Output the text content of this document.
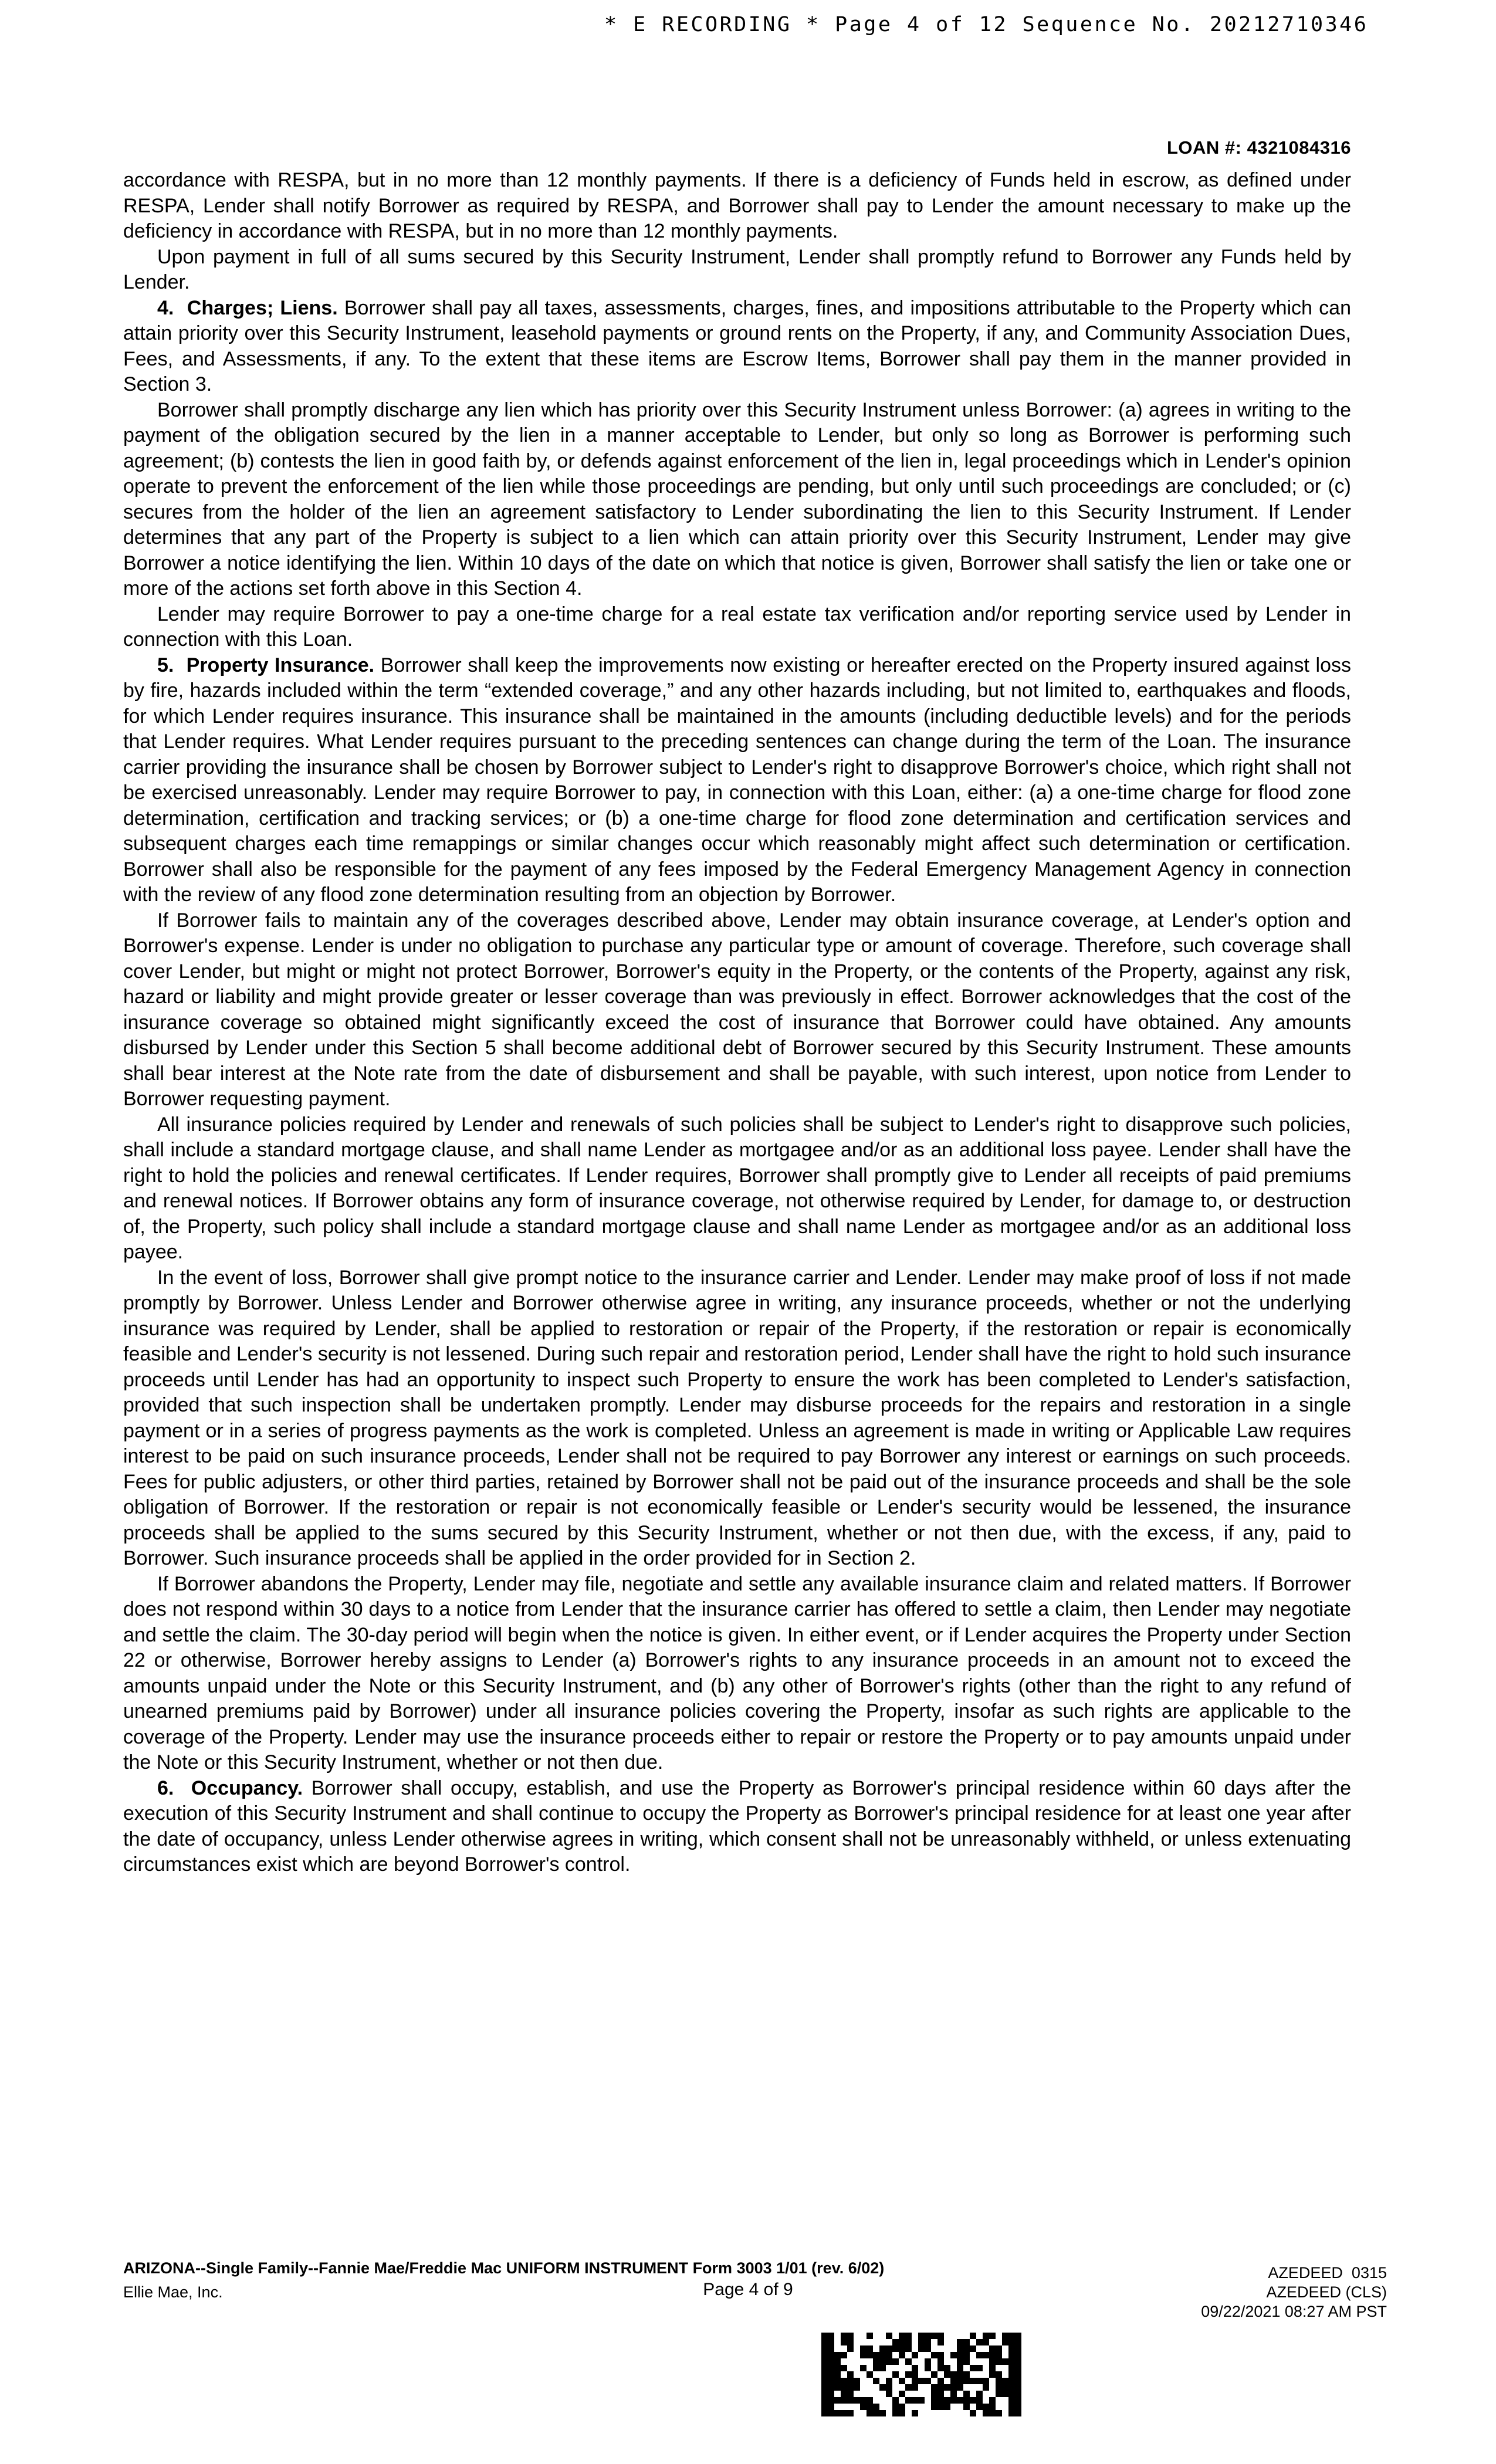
* E RECORDING * Page 4 of 12 Sequence No. 20212710346
LOAN #: 4321084316

accordance with RESPA, but in no more than 12 monthly payments. If there is a deficiency of Funds held in escrow, as defined under RESPA, Lender shall notify Borrower as required by RESPA, and Borrower shall pay to Lender the amount necessary to make up the deficiency in accordance with RESPA, but in no more than 12 monthly payments.

Upon payment in full of all sums secured by this Security Instrument, Lender shall promptly refund to Borrower any Funds held by Lender.

4.  Charges; Liens. Borrower shall pay all taxes, assessments, charges, fines, and impositions attributable to the Property which can attain priority over this Security Instrument, leasehold payments or ground rents on the Property, if any, and Community Association Dues, Fees, and Assessments, if any. To the extent that these items are Escrow Items, Borrower shall pay them in the manner provided in Section 3.

Borrower shall promptly discharge any lien which has priority over this Security Instrument unless Borrower: (a) agrees in writing to the payment of the obligation secured by the lien in a manner acceptable to Lender, but only so long as Borrower is performing such agreement; (b) contests the lien in good faith by, or defends against enforcement of the lien in, legal proceedings which in Lender's opinion operate to prevent the enforcement of the lien while those proceedings are pending, but only until such proceedings are concluded; or (c) secures from the holder of the lien an agreement satisfactory to Lender subordinating the lien to this Security Instrument. If Lender determines that any part of the Property is subject to a lien which can attain priority over this Security Instrument, Lender may give Borrower a notice identifying the lien. Within 10 days of the date on which that notice is given, Borrower shall satisfy the lien or take one or more of the actions set forth above in this Section 4.

Lender may require Borrower to pay a one-time charge for a real estate tax verification and/or reporting service used by Lender in connection with this Loan.

5.  Property Insurance. Borrower shall keep the improvements now existing or hereafter erected on the Property insured against loss by fire, hazards included within the term “extended coverage,” and any other hazards including, but not limited to, earthquakes and floods, for which Lender requires insurance. This insurance shall be maintained in the amounts (including deductible levels) and for the periods that Lender requires. What Lender requires pursuant to the preceding sentences can change during the term of the Loan. The insurance carrier providing the insurance shall be chosen by Borrower subject to Lender's right to disapprove Borrower's choice, which right shall not be exercised unreasonably. Lender may require Borrower to pay, in connection with this Loan, either: (a) a one-time charge for flood zone determination, certification and tracking services; or (b) a one-time charge for flood zone determination and certification services and subsequent charges each time remappings or similar changes occur which reasonably might affect such determination or certification. Borrower shall also be responsible for the payment of any fees imposed by the Federal Emergency Management Agency in connection with the review of any flood zone determination resulting from an objection by Borrower.

If Borrower fails to maintain any of the coverages described above, Lender may obtain insurance coverage, at Lender's option and Borrower's expense. Lender is under no obligation to purchase any particular type or amount of coverage. Therefore, such coverage shall cover Lender, but might or might not protect Borrower, Borrower's equity in the Property, or the contents of the Property, against any risk, hazard or liability and might provide greater or lesser coverage than was previously in effect. Borrower acknowledges that the cost of the insurance coverage so obtained might significantly exceed the cost of insurance that Borrower could have obtained. Any amounts disbursed by Lender under this Section 5 shall become additional debt of Borrower secured by this Security Instrument. These amounts shall bear interest at the Note rate from the date of disbursement and shall be payable, with such interest, upon notice from Lender to Borrower requesting payment.

All insurance policies required by Lender and renewals of such policies shall be subject to Lender's right to disapprove such policies, shall include a standard mortgage clause, and shall name Lender as mortgagee and/or as an additional loss payee. Lender shall have the right to hold the policies and renewal certificates. If Lender requires, Borrower shall promptly give to Lender all receipts of paid premiums and renewal notices. If Borrower obtains any form of insurance coverage, not otherwise required by Lender, for damage to, or destruction of, the Property, such policy shall include a standard mortgage clause and shall name Lender as mortgagee and/or as an additional loss payee.

In the event of loss, Borrower shall give prompt notice to the insurance carrier and Lender. Lender may make proof of loss if not made promptly by Borrower. Unless Lender and Borrower otherwise agree in writing, any insurance proceeds, whether or not the underlying insurance was required by Lender, shall be applied to restoration or repair of the Property, if the restoration or repair is economically feasible and Lender's security is not lessened. During such repair and restoration period, Lender shall have the right to hold such insurance proceeds until Lender has had an opportunity to inspect such Property to ensure the work has been completed to Lender's satisfaction, provided that such inspection shall be undertaken promptly. Lender may disburse proceeds for the repairs and restoration in a single payment or in a series of progress payments as the work is completed. Unless an agreement is made in writing or Applicable Law requires interest to be paid on such insurance proceeds, Lender shall not be required to pay Borrower any interest or earnings on such proceeds. Fees for public adjusters, or other third parties, retained by Borrower shall not be paid out of the insurance proceeds and shall be the sole obligation of Borrower. If the restoration or repair is not economically feasible or Lender's security would be lessened, the insurance proceeds shall be applied to the sums secured by this Security Instrument, whether or not then due, with the excess, if any, paid to Borrower. Such insurance proceeds shall be applied in the order provided for in Section 2.

If Borrower abandons the Property, Lender may file, negotiate and settle any available insurance claim and related matters. If Borrower does not respond within 30 days to a notice from Lender that the insurance carrier has offered to settle a claim, then Lender may negotiate and settle the claim. The 30-day period will begin when the notice is given. In either event, or if Lender acquires the Property under Section 22 or otherwise, Borrower hereby assigns to Lender (a) Borrower's rights to any insurance proceeds in an amount not to exceed the amounts unpaid under the Note or this Security Instrument, and (b) any other of Borrower's rights (other than the right to any refund of unearned premiums paid by Borrower) under all insurance policies covering the Property, insofar as such rights are applicable to the coverage of the Property. Lender may use the insurance proceeds either to repair or restore the Property or to pay amounts unpaid under the Note or this Security Instrument, whether or not then due.

6.  Occupancy. Borrower shall occupy, establish, and use the Property as Borrower's principal residence within 60 days after the execution of this Security Instrument and shall continue to occupy the Property as Borrower's principal residence for at least one year after the date of occupancy, unless Lender otherwise agrees in writing, which consent shall not be unreasonably withheld, or unless extenuating circumstances exist which are beyond Borrower's control.

ARIZONA--Single Family--Fannie Mae/Freddie Mac UNIFORM INSTRUMENT Form 3003 1/01 (rev. 6/02)
Ellie Mae, Inc.	Page 4 of 9
AZEDEED  0315
AZEDEED (CLS)
09/22/2021 08:27 AM PST
